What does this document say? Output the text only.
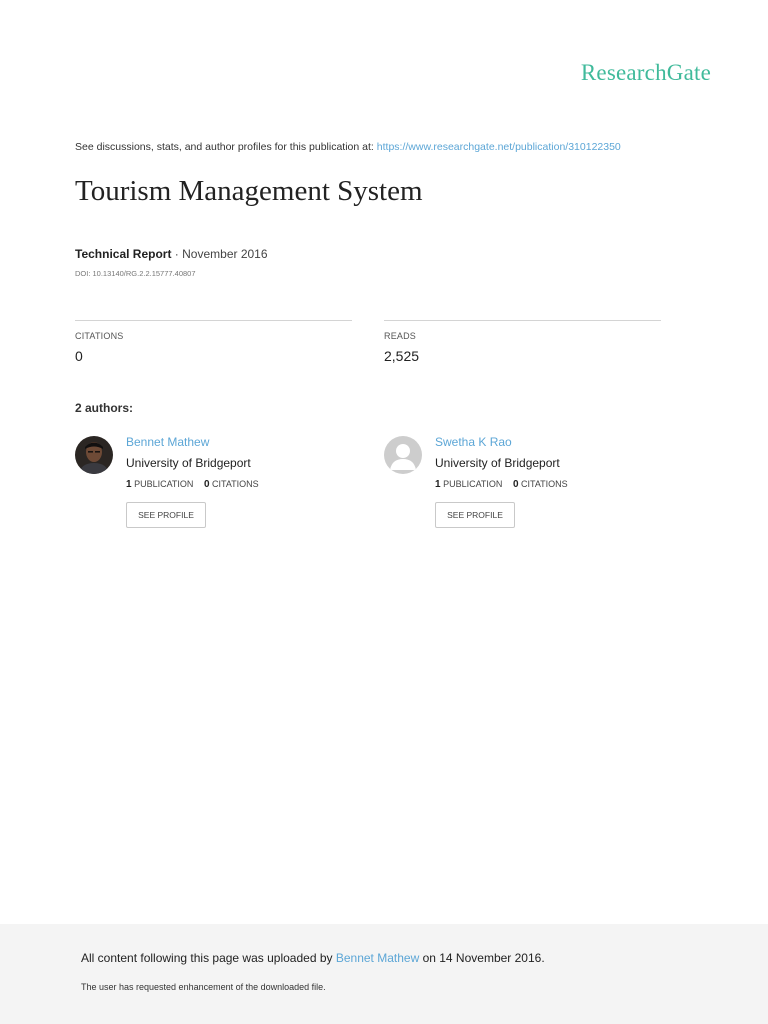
ResearchGate
See discussions, stats, and author profiles for this publication at: https://www.researchgate.net/publication/310122350
Tourism Management System
Technical Report · November 2016
DOI: 10.13140/RG.2.2.15777.40807
CITATIONS
0
READS
2,525
2 authors:
Bennet Mathew
University of Bridgeport
1 PUBLICATION 0 CITATIONS
SEE PROFILE
Swetha K Rao
University of Bridgeport
1 PUBLICATION 0 CITATIONS
SEE PROFILE
All content following this page was uploaded by Bennet Mathew on 14 November 2016.
The user has requested enhancement of the downloaded file.
